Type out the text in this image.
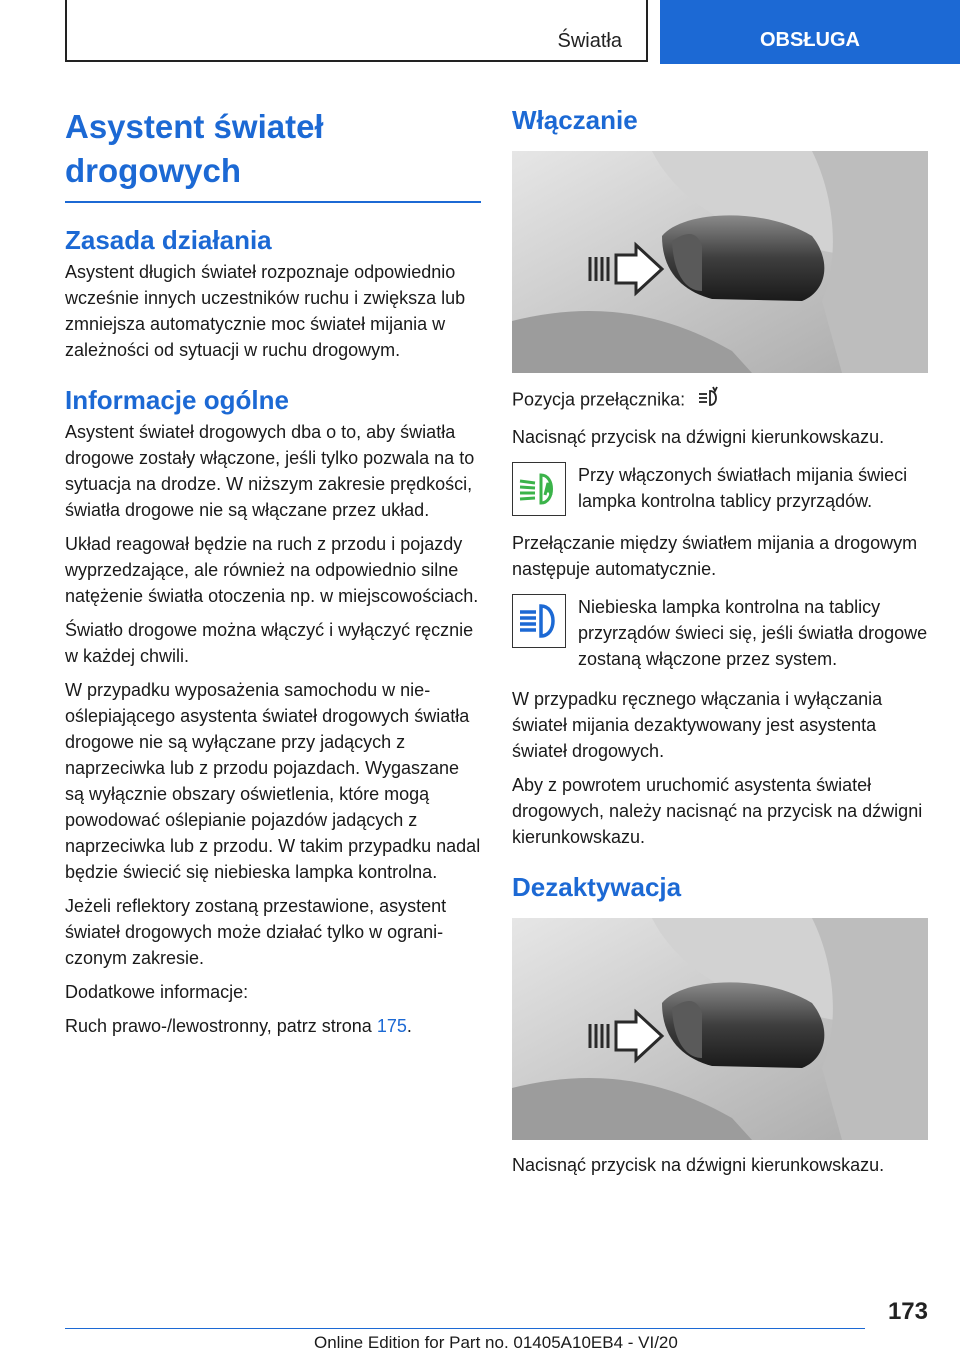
Światła	OBSŁUGA
Asystent świateł drogowych
Zasada działania

Asystent długich świateł rozpoznaje odpowiednio wcześnie innych uczestników ruchu i zwiększa lub zmniejsza automatycznie moc świateł mijania w zależności od sytuacji w ruchu drogowym.

Informacje ogólne

Asystent świateł drogowych dba o to, aby światła drogowe zostały włączone, jeśli tylko pozwala na to sytuacja na drodze. W niższym zakresie prędkości, światła drogowe nie są włączane przez układ.

Układ reagował będzie na ruch z przodu i pojazdy wyprzedzające, ale również na odpowiednio silne natężenie światła otoczenia np. w miejscowościach.

Światło drogowe można włączyć i wyłączyć ręcznie w każdej chwili.

W przypadku wyposażenia samochodu w nieoślepiającego asystenta świateł drogowych światła drogowe nie są wyłączane przy jadących z naprzeciwka lub z przodu pojazdach. Wygaszane są wyłącznie obszary oświetlenia, które mogą powodować oślepianie pojazdów jadących z naprzeciwka lub z przodu. W takim przypadku nadal będzie świecić się niebieska lampka kontrolna.

Jeżeli reflektory zostaną przestawione, asystent świateł drogowych może działać tylko w ograniczonym zakresie.

Dodatkowe informacje:

Ruch prawo-/lewostronny, patrz strona 175.

Włączanie

Pozycja przełącznika:

Nacisnąć przycisk na dźwigni kierunkowskazu.

Przy włączonych światłach mijania świeci lampka kontrolna tablicy przyrządów.

Przełączanie między światłem mijania a drogowym następuje automatycznie.

Niebieska lampka kontrolna na tablicy przyrządów świeci się, jeśli światła drogowe zostaną włączone przez system.

W przypadku ręcznego włączania i wyłączania świateł mijania dezaktywowany jest asystenta świateł drogowych.

Aby z powrotem uruchomić asystenta świateł drogowych, należy nacisnąć na przycisk na dźwigni kierunkowskazu.

Dezaktywacja

Nacisnąć przycisk na dźwigni kierunkowskazu.

173
Online Edition for Part no. 01405A10EB4 - VI/20
